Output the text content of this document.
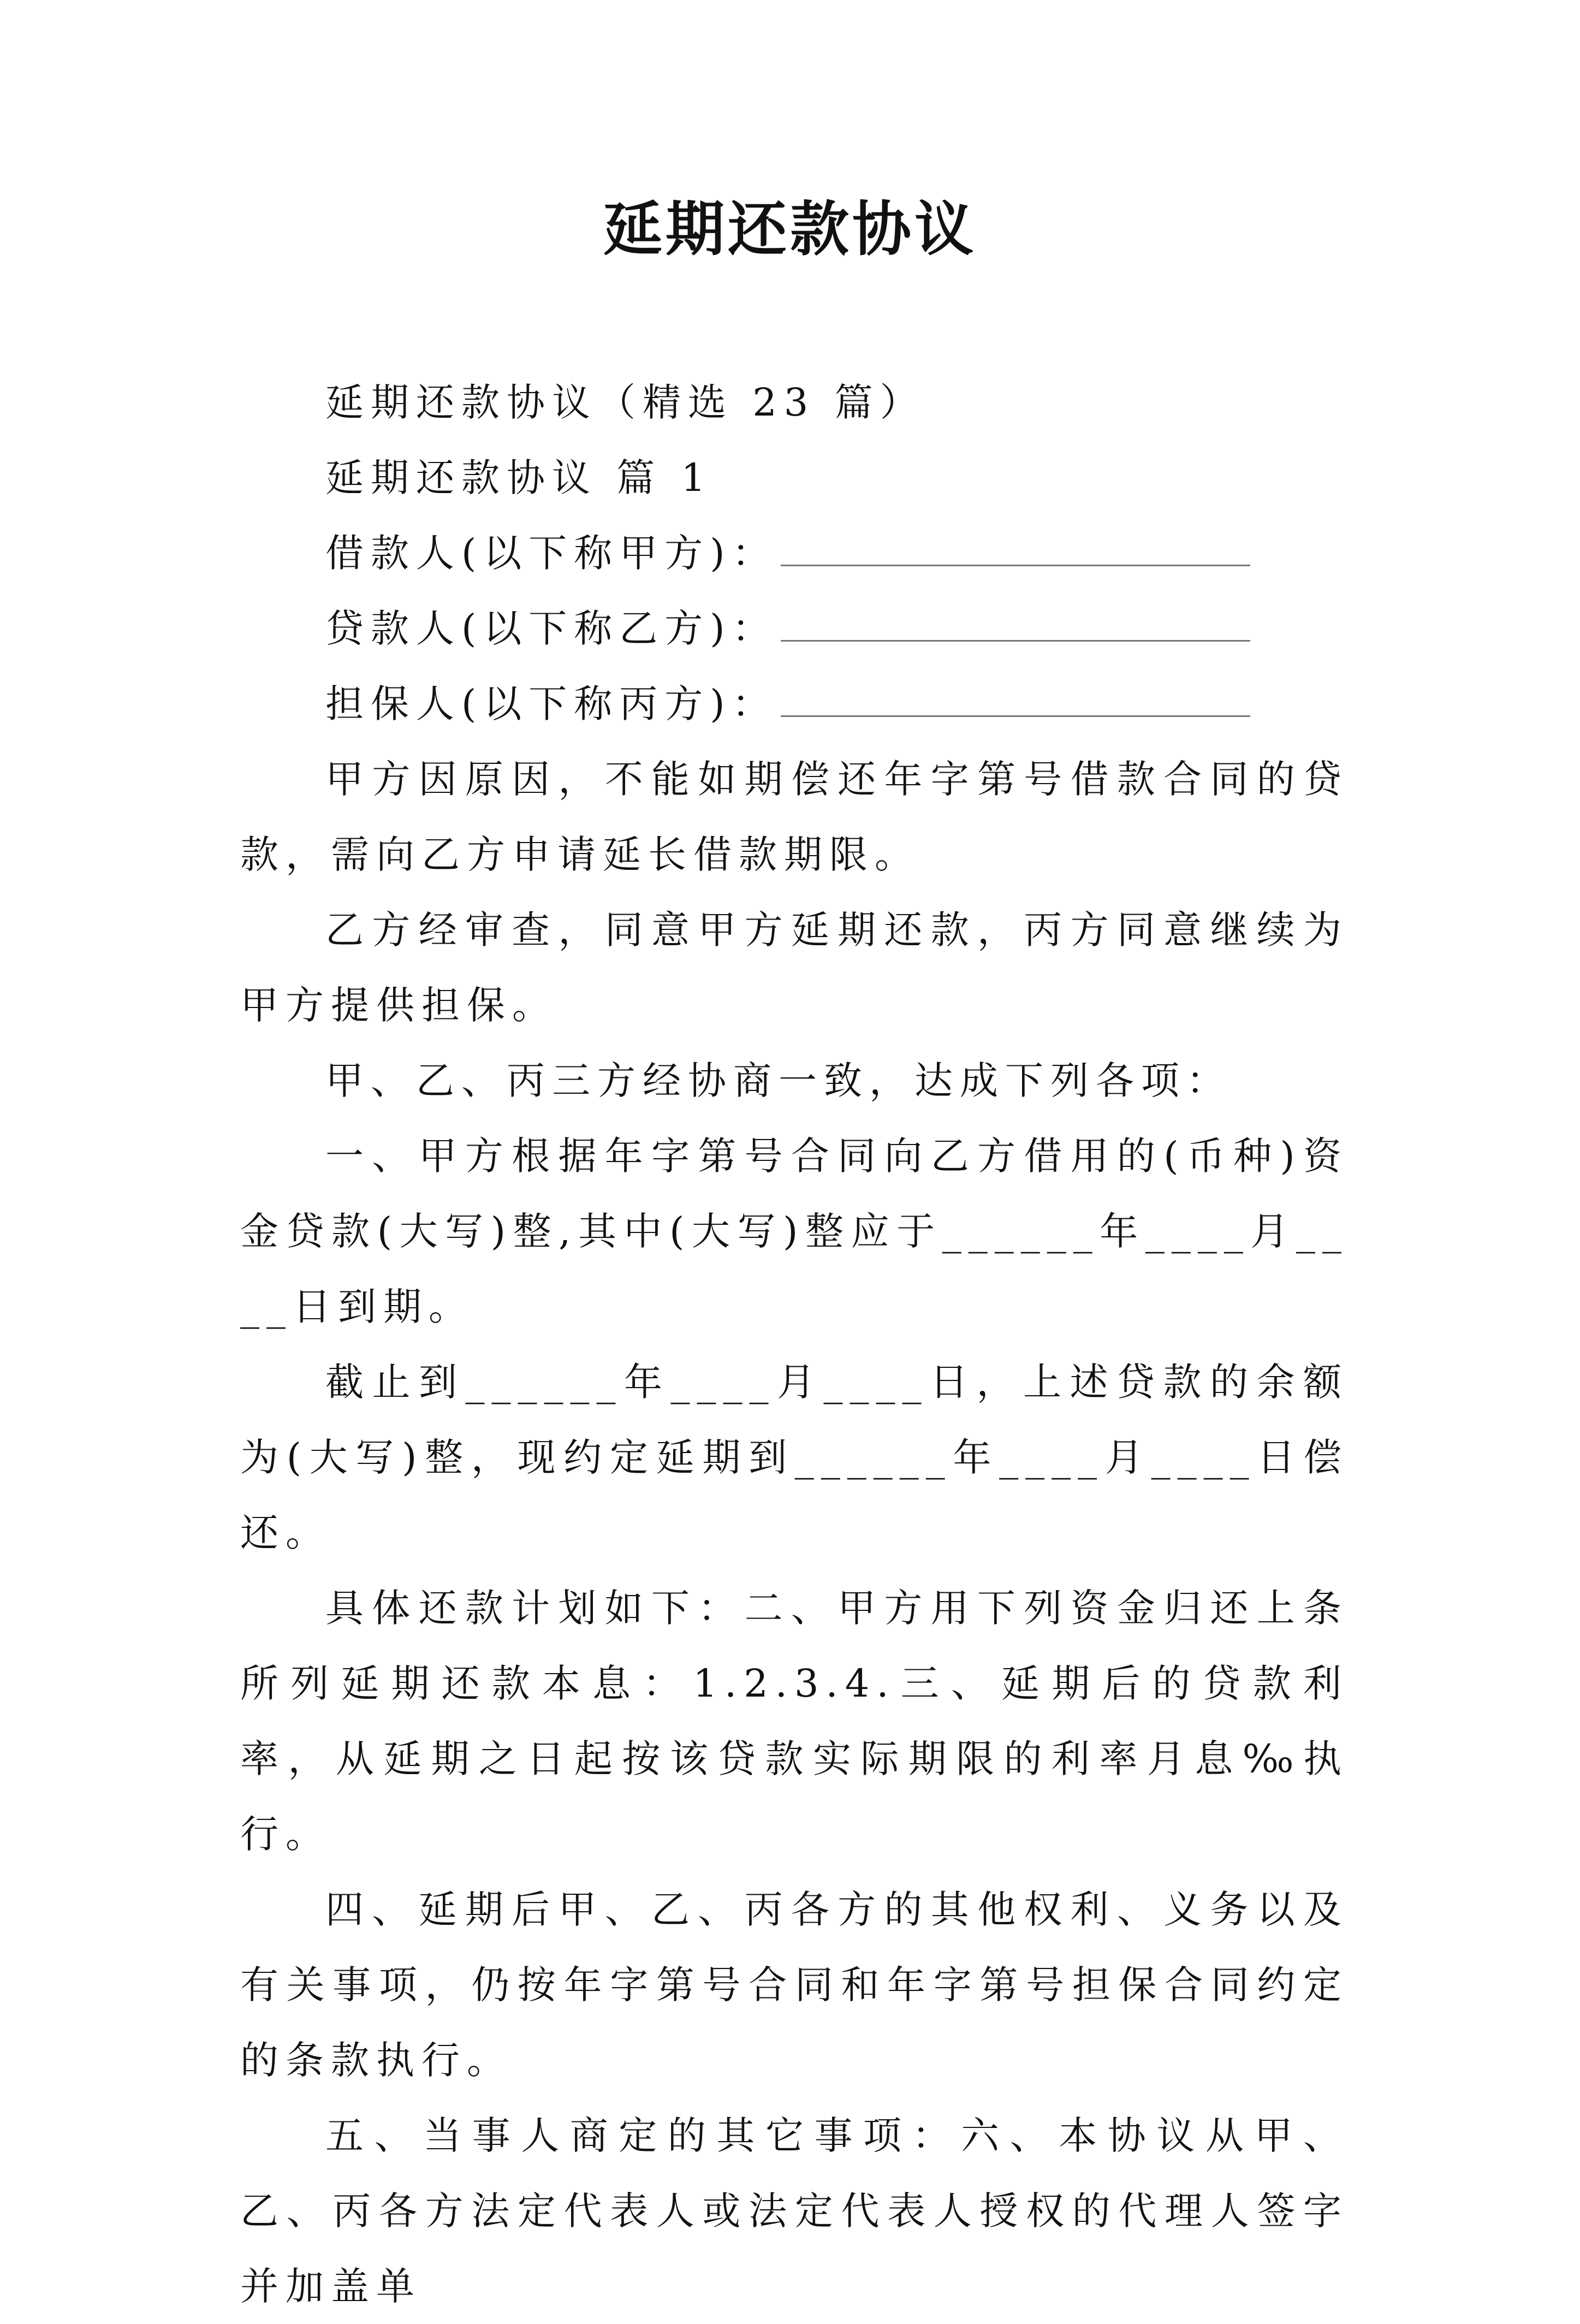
延期还款协议

延期还款协议（精选 23 篇）

延期还款协议 篇 1

借款人(以下称甲方)：

贷款人(以下称乙方)：

担保人(以下称丙方)：

甲方因原因，不能如期偿还年字第号借款合同的贷款，需向乙方申请延长借款期限。

乙方经审查，同意甲方延期还款，丙方同意继续为甲方提供担保。

甲、乙、丙三方经协商一致，达成下列各项：

一、甲方根据年字第号合同向乙方借用的(币种)资金贷款(大写)整,其中(大写)整应于______年____月____日到期。

截止到______年____月____日，上述贷款的余额为(大写)整，现约定延期到______年____月____日偿还。

具体还款计划如下：二、甲方用下列资金归还上条所列延期还款本息：1.2.3.4.三、延期后的贷款利率，从延期之日起按该贷款实际期限的利率月息‰执行。

四、延期后甲、乙、丙各方的其他权利、义务以及有关事项，仍按年字第号合同和年字第号担保合同约定的条款执行。

五、当事人商定的其它事项：六、本协议从甲、乙、丙各方法定代表人或法定代表人授权的代理人签字并加盖单
